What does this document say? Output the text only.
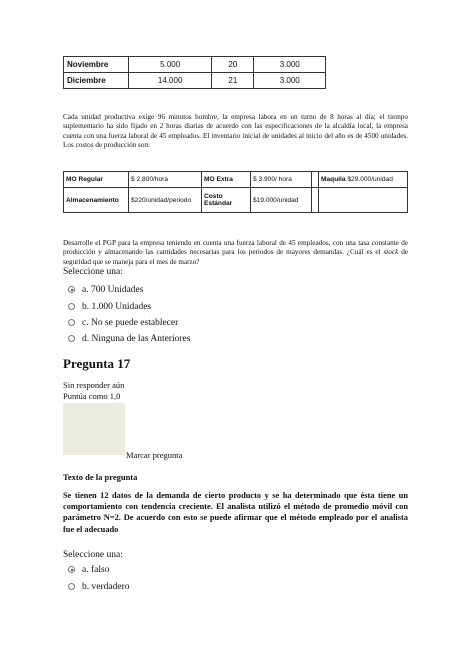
Noviembre	5.000	20	3.000
Diciembre	14.000	21	3.000
Cada unidad productiva exige 96 minutos hombre, la empresa labora en un turno de 8 horas al día; el tiempo suplementario ha sido fijado en 2 horas diarias de acuerdo con las especificaciones de la alcaldía local, la empresa cuenta con una fuerza laboral de 45 empleados. El inventario inicial de unidades al inicio del año es de 4500 unidades. Los costos de producción son:
MO Regular	$ 2.800/hora	MO Extra	$ 3.900/ hora		Maquila $29.000/unidad
Almacenamiento	$220/unidad/periodo	Costo Estándar	$19.000/unidad		
Desarrolle el PGP para la empresa teniendo en cuenta una fuerza laboral de 45 empleados, con una tasa constante de producción y almacenando las cantidades necesarias para los periodos de mayores demandas. ¿Cuál es el stock de seguridad que se maneja para el mes de marzo?
Seleccione una:
a. 700 Unidades
b. 1.000 Unidades
c. No se puede establecer
d. Ninguna de las Anteriores
Pregunta 17
Sin responder aún
Puntúa como 1,0
Marcar pregunta
Texto de la pregunta
Se tienen 12 datos de la demanda de cierto producto y se ha determinado que ésta tiene un comportamiento con tendencia creciente. El analista utilizó el método de promedio móvil con parámetro N=2. De acuerdo con esto se puede afirmar que el método empleado por el analista fue el adecuado
Seleccione una:
a. falso
b. verdadero
